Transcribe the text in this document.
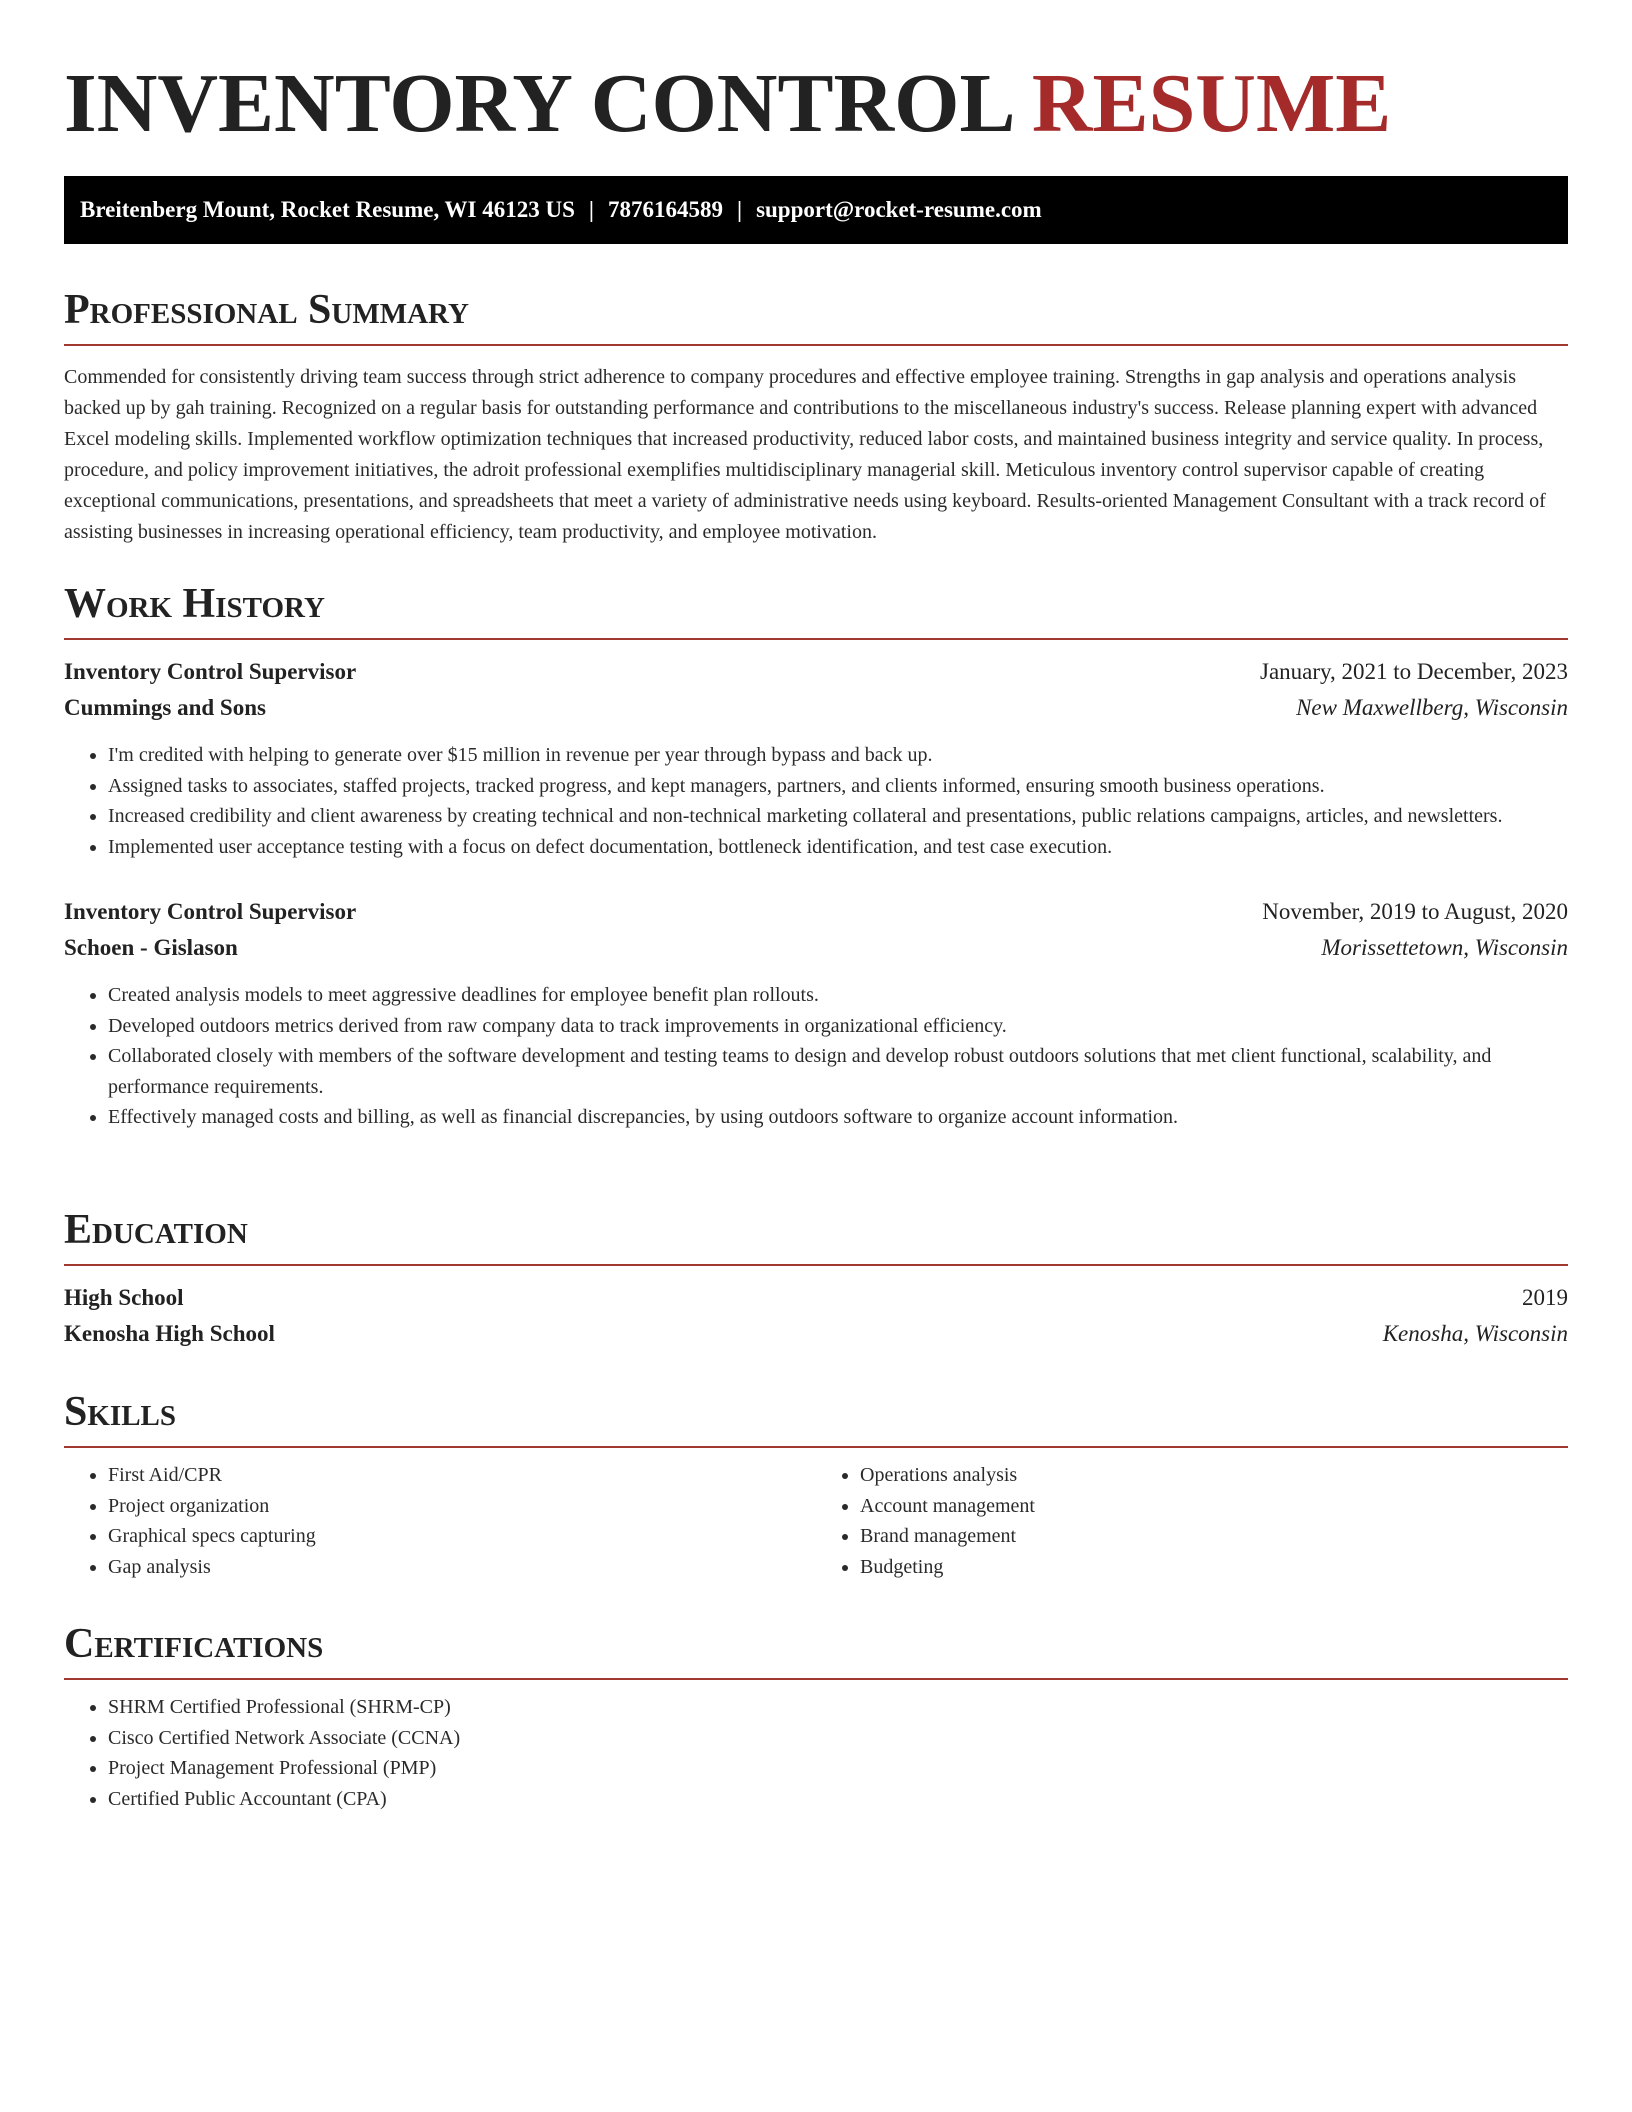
INVENTORY CONTROL RESUME
Breitenberg Mount, Rocket Resume, WI 46123 US | 7876164589 | support@rocket-resume.com
Professional Summary
Commended for consistently driving team success through strict adherence to company procedures and effective employee training. Strengths in gap analysis and operations analysis backed up by gah training. Recognized on a regular basis for outstanding performance and contributions to the miscellaneous industry's success. Release planning expert with advanced Excel modeling skills. Implemented workflow optimization techniques that increased productivity, reduced labor costs, and maintained business integrity and service quality. In process, procedure, and policy improvement initiatives, the adroit professional exemplifies multidisciplinary managerial skill. Meticulous inventory control supervisor capable of creating exceptional communications, presentations, and spreadsheets that meet a variety of administrative needs using keyboard. Results-oriented Management Consultant with a track record of assisting businesses in increasing operational efficiency, team productivity, and employee motivation.
Work History
Inventory Control Supervisor	January, 2021 to December, 2023
Cummings and Sons	New Maxwellberg, Wisconsin
• I'm credited with helping to generate over $15 million in revenue per year through bypass and back up.
• Assigned tasks to associates, staffed projects, tracked progress, and kept managers, partners, and clients informed, ensuring smooth business operations.
• Increased credibility and client awareness by creating technical and non-technical marketing collateral and presentations, public relations campaigns, articles, and newsletters.
• Implemented user acceptance testing with a focus on defect documentation, bottleneck identification, and test case execution.
Inventory Control Supervisor	November, 2019 to August, 2020
Schoen - Gislason	Morissettetown, Wisconsin
• Created analysis models to meet aggressive deadlines for employee benefit plan rollouts.
• Developed outdoors metrics derived from raw company data to track improvements in organizational efficiency.
• Collaborated closely with members of the software development and testing teams to design and develop robust outdoors solutions that met client functional, scalability, and performance requirements.
• Effectively managed costs and billing, as well as financial discrepancies, by using outdoors software to organize account information.
Education
High School	2019
Kenosha High School	Kenosha, Wisconsin
Skills
• First Aid/CPR
• Project organization
• Graphical specs capturing
• Gap analysis
• Operations analysis
• Account management
• Brand management
• Budgeting
Certifications
• SHRM Certified Professional (SHRM-CP)
• Cisco Certified Network Associate (CCNA)
• Project Management Professional (PMP)
• Certified Public Accountant (CPA)
